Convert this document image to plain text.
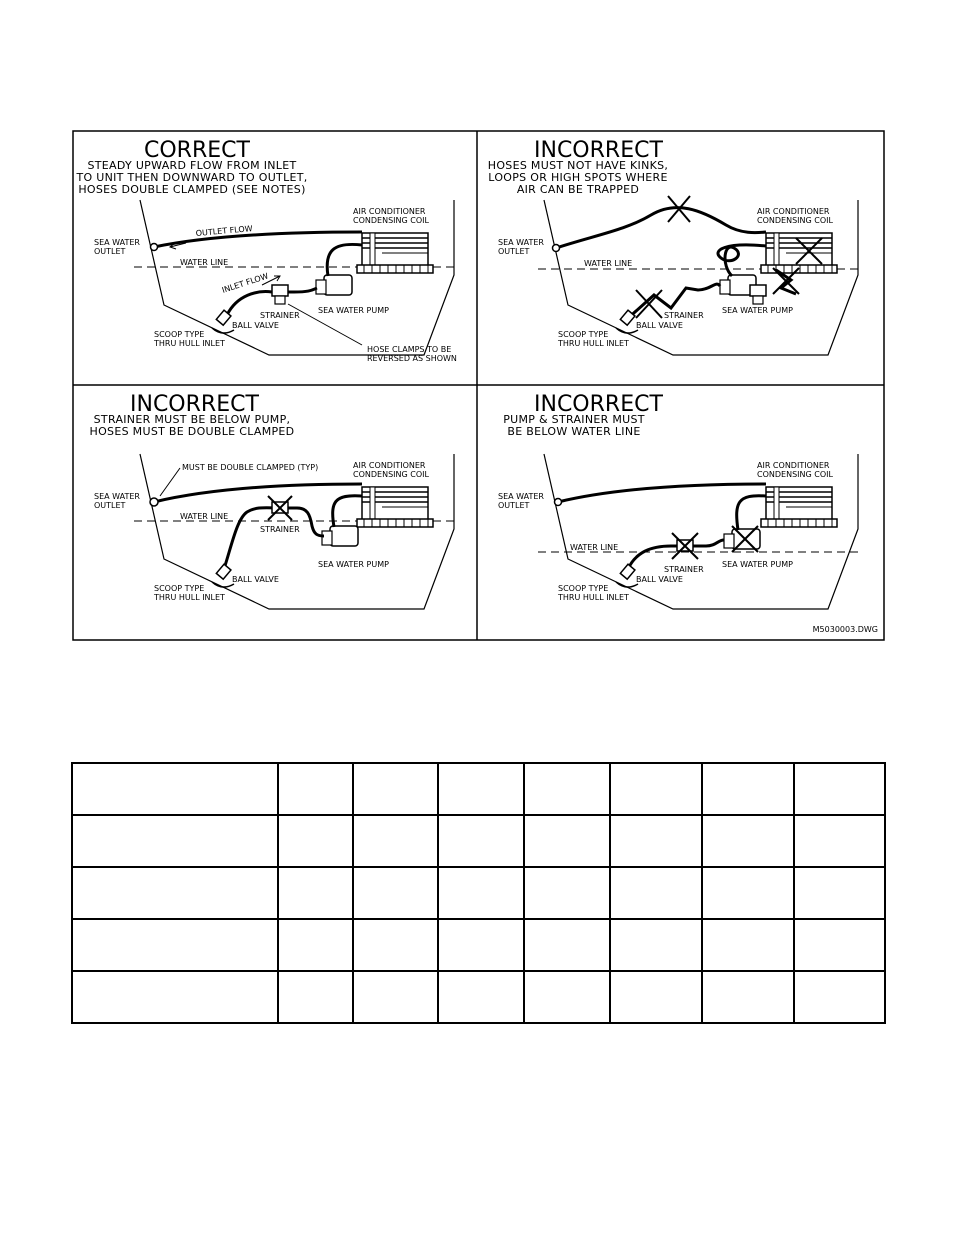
CORRECT
STEADY UPWARD FLOW FROM INLET
TO UNIT THEN DOWNWARD TO OUTLET,
HOSES DOUBLE CLAMPED (SEE NOTES)
SEA WATER
OUTLET
OUTLET FLOW
AIR CONDITIONER
CONDENSING COIL
WATER LINE
INLET FLOW
STRAINER
BALL VALVE
SEA WATER PUMP
SCOOP TYPE
THRU HULL INLET
HOSE CLAMPS TO BE
REVERSED AS SHOWN
INCORRECT
HOSES MUST NOT HAVE KINKS,
LOOPS OR HIGH SPOTS WHERE
AIR CAN BE TRAPPED
SEA WATER
OUTLET
AIR CONDITIONER
CONDENSING COIL
WATER LINE
STRAINER
BALL VALVE
SEA WATER PUMP
SCOOP TYPE
THRU HULL INLET
INCORRECT
STRAINER MUST BE BELOW PUMP,
HOSES MUST BE DOUBLE CLAMPED
MUST BE DOUBLE CLAMPED (TYP)
SEA WATER
OUTLET
AIR CONDITIONER
CONDENSING COIL
WATER LINE
STRAINER
BALL VALVE
SEA WATER PUMP
SCOOP TYPE
THRU HULL INLET
INCORRECT
PUMP & STRAINER MUST
BE BELOW WATER LINE
SEA WATER
OUTLET
AIR CONDITIONER
CONDENSING COIL
WATER LINE
STRAINER
BALL VALVE
SEA WATER PUMP
SCOOP TYPE
THRU HULL INLET
M5030003.DWG
